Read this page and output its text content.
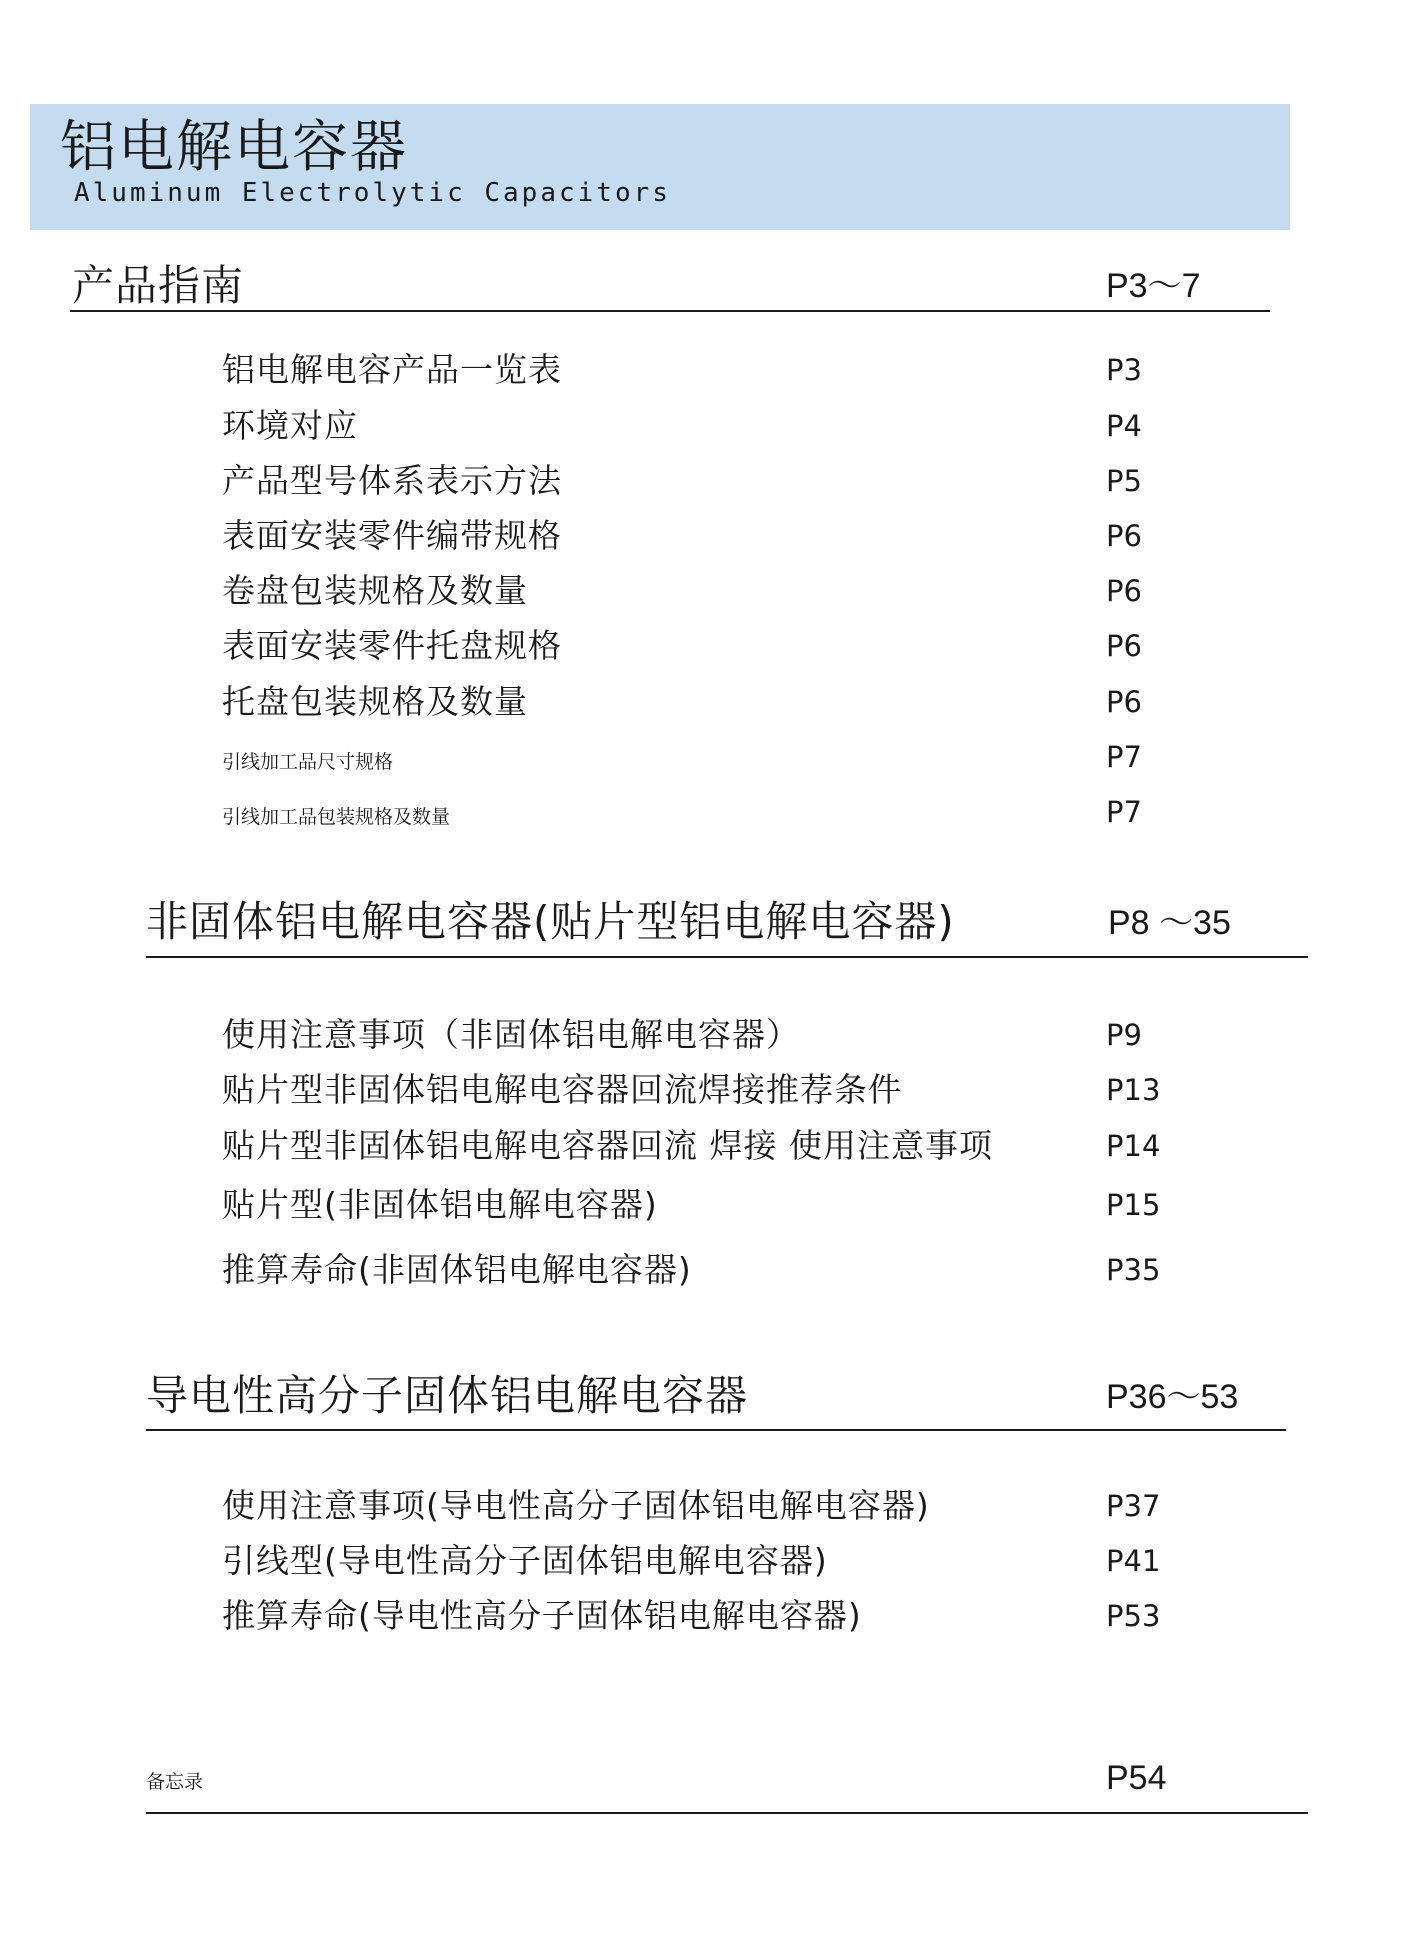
铝电解电容器
Aluminum Electrolytic Capacitors
产品指南	P3～7
铝电解电容产品一览表	P3
环境对应	P4
产品型号体系表示方法	P5
表面安装零件编带规格	P6
卷盘包装规格及数量	P6
表面安装零件托盘规格	P6
托盘包装规格及数量	P6
引线加工品尺寸规格	P7
引线加工品包装规格及数量	P7
非固体铝电解电容器(贴片型铝电解电容器)	P8 ～35
使用注意事项（非固体铝电解电容器）	P9
贴片型非固体铝电解电容器回流焊接推荐条件	P13
贴片型非固体铝电解电容器回流 焊接 使用注意事项	P14
贴片型(非固体铝电解电容器)	P15
推算寿命(非固体铝电解电容器)	P35
导电性高分子固体铝电解电容器	P36～53
使用注意事项(导电性高分子固体铝电解电容器)	P37
引线型(导电性高分子固体铝电解电容器)	P41
推算寿命(导电性高分子固体铝电解电容器)	P53
备忘录	P54
